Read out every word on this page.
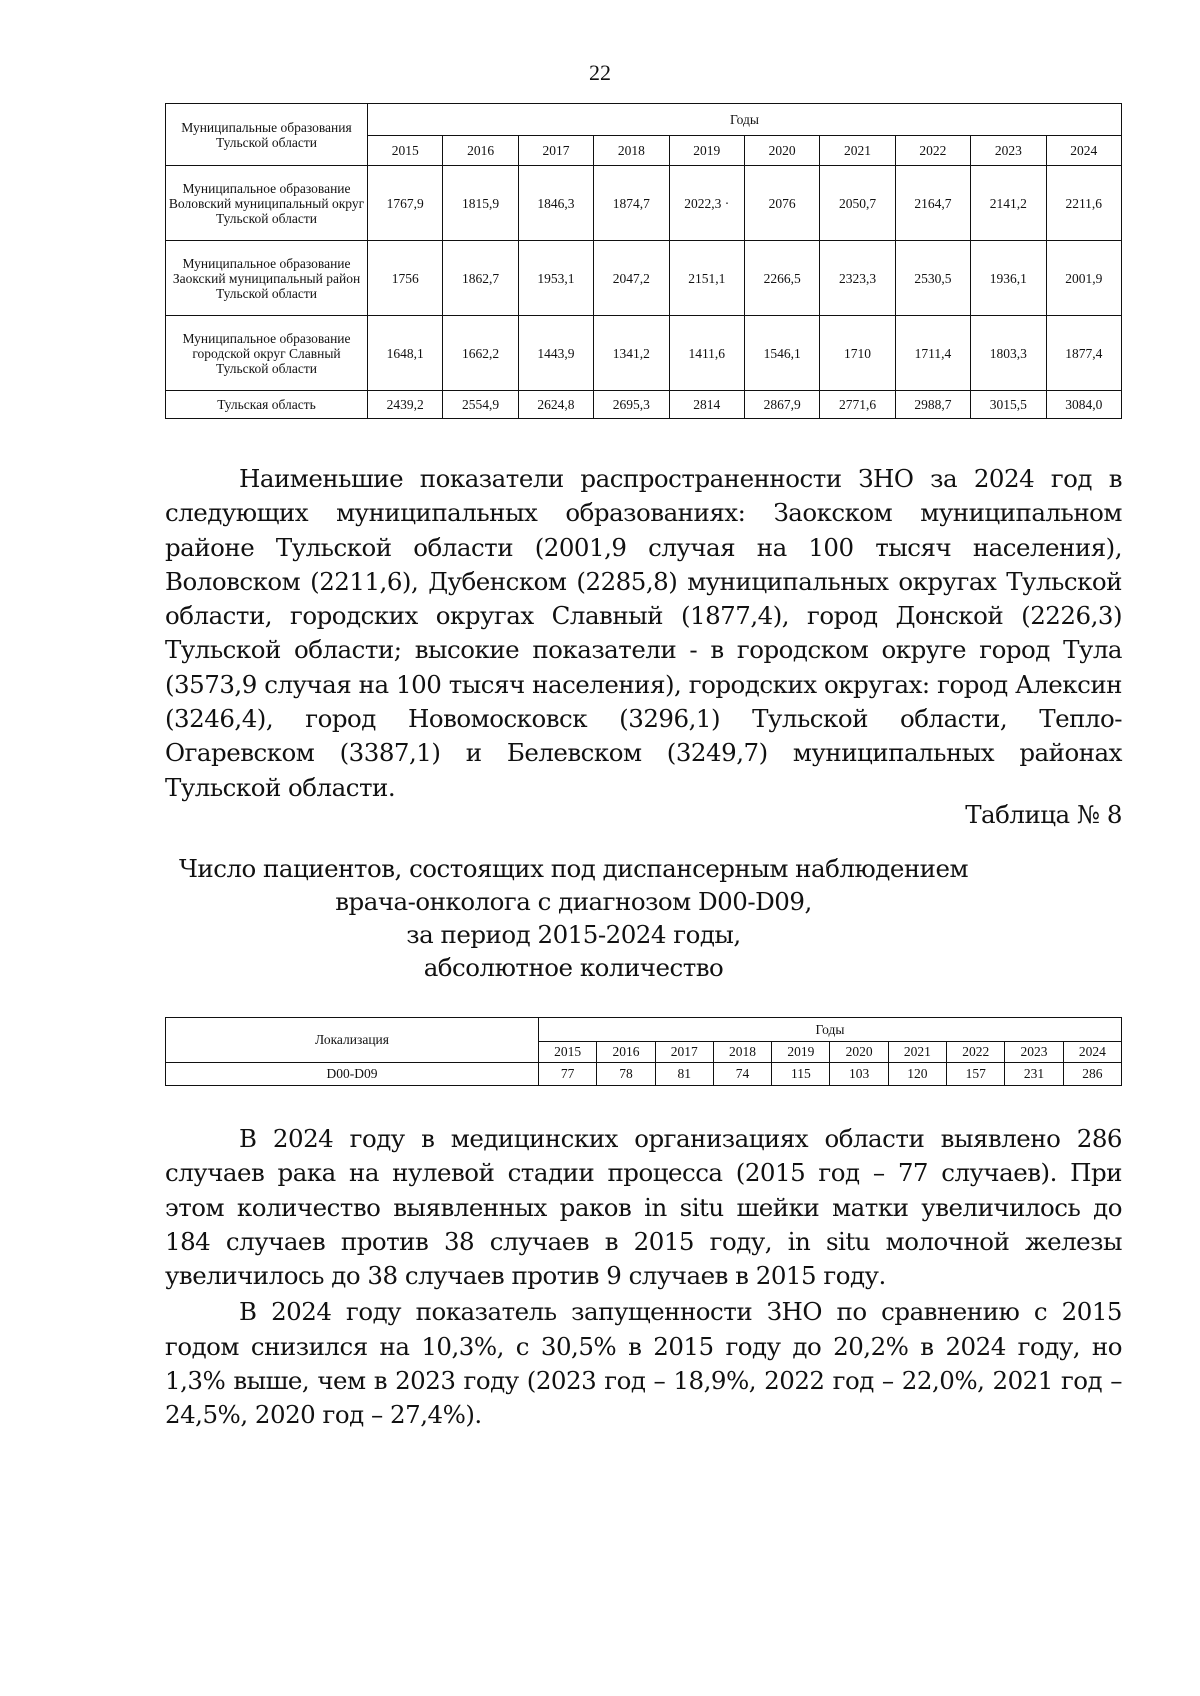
22
Муниципальные образования Тульской области	Годы									
	2015	2016	2017	2018	2019	2020	2021	2022	2023	2024
Муниципальное образование Воловский муниципальный округ Тульской области	1767,9	1815,9	1846,3	1874,7	2022,3 ·	2076	2050,7	2164,7	2141,2	2211,6
Муниципальное образование Заокский муниципальный район Тульской области	1756	1862,7	1953,1	2047,2	2151,1	2266,5	2323,3	2530,5	1936,1	2001,9
Муниципальное образование городской округ Славный Тульской области	1648,1	1662,2	1443,9	1341,2	1411,6	1546,1	1710	1711,4	1803,3	1877,4
Тульская область	2439,2	2554,9	2624,8	2695,3	2814	2867,9	2771,6	2988,7	3015,5	3084,0

Наименьшие показатели распространенности ЗНО за 2024 год в следующих муниципальных образованиях: Заокском муниципальном районе Тульской области (2001,9 случая на 100 тысяч населения), Воловском (2211,6), Дубенском (2285,8) муниципальных округах Тульской области, городских округах Славный (1877,4), город Донской (2226,3) Тульской области; высокие показатели - в городском округе город Тула (3573,9 случая на 100 тысяч населения), городских округах: город Алексин (3246,4), город Новомосковск (3296,1) Тульской области, Тепло-Огаревском (3387,1) и Белевском (3249,7) муниципальных районах Тульской области.

Таблица № 8
Число пациентов, состоящих под диспансерным наблюдением
врача-онколога с диагнозом D00-D09,
за период 2015-2024 годы,
абсолютное количество
Локализация	Годы									
	2015	2016	2017	2018	2019	2020	2021	2022	2023	2024
D00-D09	77	78	81	74	115	103	120	157	231	286

В 2024 году в медицинских организациях области выявлено 286 случаев рака на нулевой стадии процесса (2015 год – 77 случаев). При этом количество выявленных раков in situ шейки матки увеличилось до 184 случаев против 38 случаев в 2015 году, in situ молочной железы увеличилось до 38 случаев против 9 случаев в 2015 году.

В 2024 году показатель запущенности ЗНО по сравнению с 2015 годом снизился на 10,3%, с 30,5% в 2015 году до 20,2% в 2024 году, но 1,3% выше, чем в 2023 году (2023 год – 18,9%, 2022 год – 22,0%, 2021 год – 24,5%, 2020 год – 27,4%).
